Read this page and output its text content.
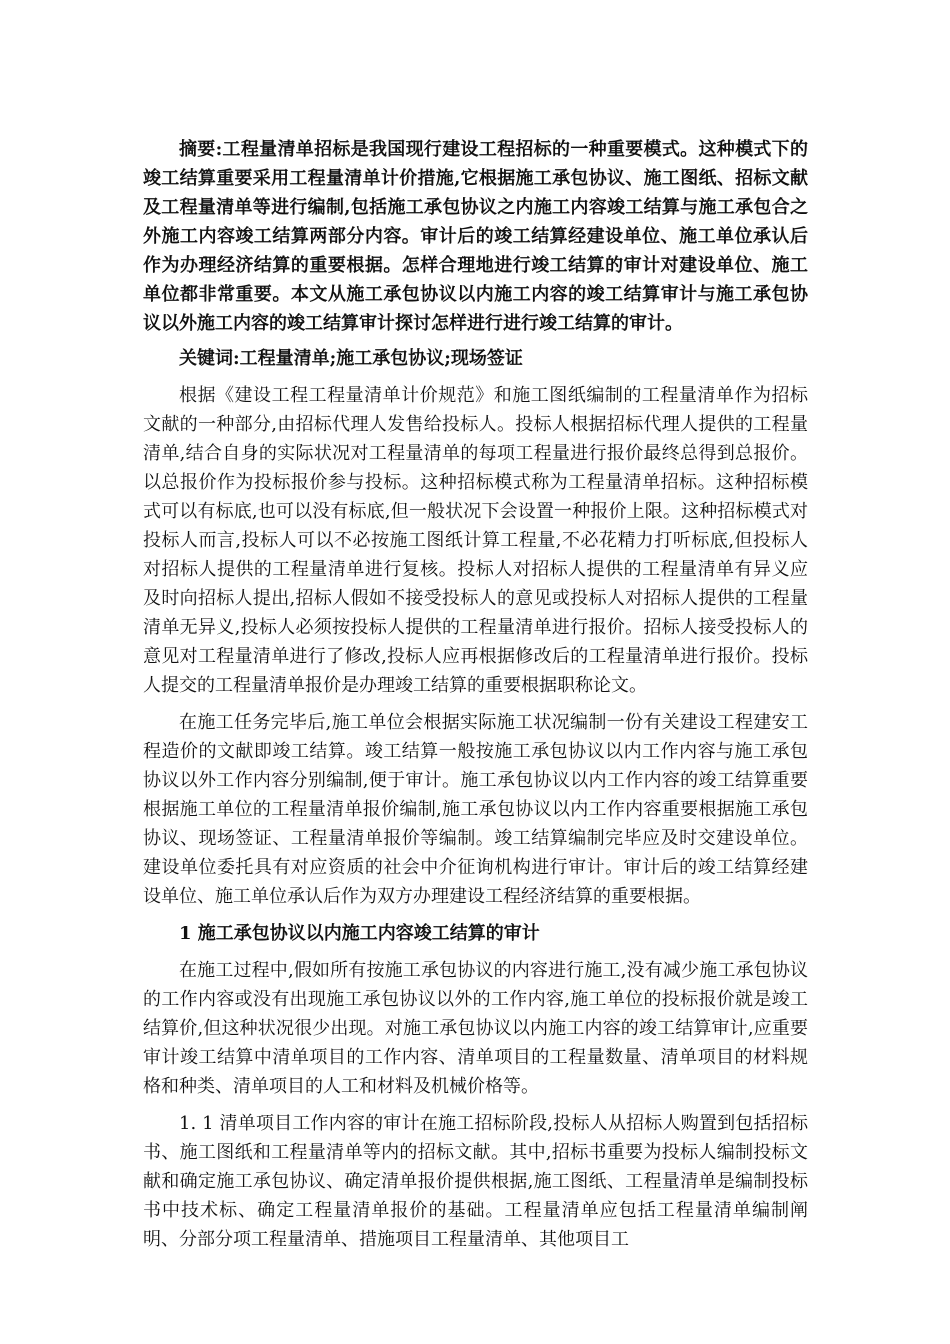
摘要:工程量清单招标是我国现行建设工程招标的一种重要模式。这种模式下的竣工结算重要采用工程量清单计价措施,它根据施工承包协议、施工图纸、招标文献及工程量清单等进行编制,包括施工承包协议之内施工内容竣工结算与施工承包合之外施工内容竣工结算两部分内容。审计后的竣工结算经建设单位、施工单位承认后作为办理经济结算的重要根据。怎样合理地进行竣工结算的审计对建设单位、施工单位都非常重要。本文从施工承包协议以内施工内容的竣工结算审计与施工承包协议以外施工内容的竣工结算审计探讨怎样进行进行竣工结算的审计。

关键词:工程量清单;施工承包协议;现场签证

根据《建设工程工程量清单计价规范》和施工图纸编制的工程量清单作为招标文献的一种部分,由招标代理人发售给投标人。投标人根据招标代理人提供的工程量清单,结合自身的实际状况对工程量清单的每项工程量进行报价最终总得到总报价。以总报价作为投标报价参与投标。这种招标模式称为工程量清单招标。这种招标模式可以有标底,也可以没有标底,但一般状况下会设置一种报价上限。这种招标模式对投标人而言,投标人可以不必按施工图纸计算工程量,不必花精力打听标底,但投标人对招标人提供的工程量清单进行复核。投标人对招标人提供的工程量清单有异义应及时向招标人提出,招标人假如不接受投标人的意见或投标人对招标人提供的工程量清单无异义,投标人必须按投标人提供的工程量清单进行报价。招标人接受投标人的意见对工程量清单进行了修改,投标人应再根据修改后的工程量清单进行报价。投标人提交的工程量清单报价是办理竣工结算的重要根据职称论文。

在施工任务完毕后,施工单位会根据实际施工状况编制一份有关建设工程建安工程造价的文献即竣工结算。竣工结算一般按施工承包协议以内工作内容与施工承包协议以外工作内容分别编制,便于审计。施工承包协议以内工作内容的竣工结算重要根据施工单位的工程量清单报价编制,施工承包协议以内工作内容重要根据施工承包协议、现场签证、工程量清单报价等编制。竣工结算编制完毕应及时交建设单位。建设单位委托具有对应资质的社会中介征询机构进行审计。审计后的竣工结算经建设单位、施工单位承认后作为双方办理建设工程经济结算的重要根据。

1 施工承包协议以内施工内容竣工结算的审计

在施工过程中,假如所有按施工承包协议的内容进行施工,没有减少施工承包协议的工作内容或没有出现施工承包协议以外的工作内容,施工单位的投标报价就是竣工结算价,但这种状况很少出现。对施工承包协议以内施工内容的竣工结算审计,应重要审计竣工结算中清单项目的工作内容、清单项目的工程量数量、清单项目的材料规格和种类、清单项目的人工和材料及机械价格等。

1. 1 清单项目工作内容的审计在施工招标阶段,投标人从招标人购置到包括招标书、施工图纸和工程量清单等内的招标文献。其中,招标书重要为投标人编制投标文献和确定施工承包协议、确定清单报价提供根据,施工图纸、工程量清单是编制投标书中技术标、确定工程量清单报价的基础。工程量清单应包括工程量清单编制阐明、分部分项工程量清单、措施项目工程量清单、其他项目工
